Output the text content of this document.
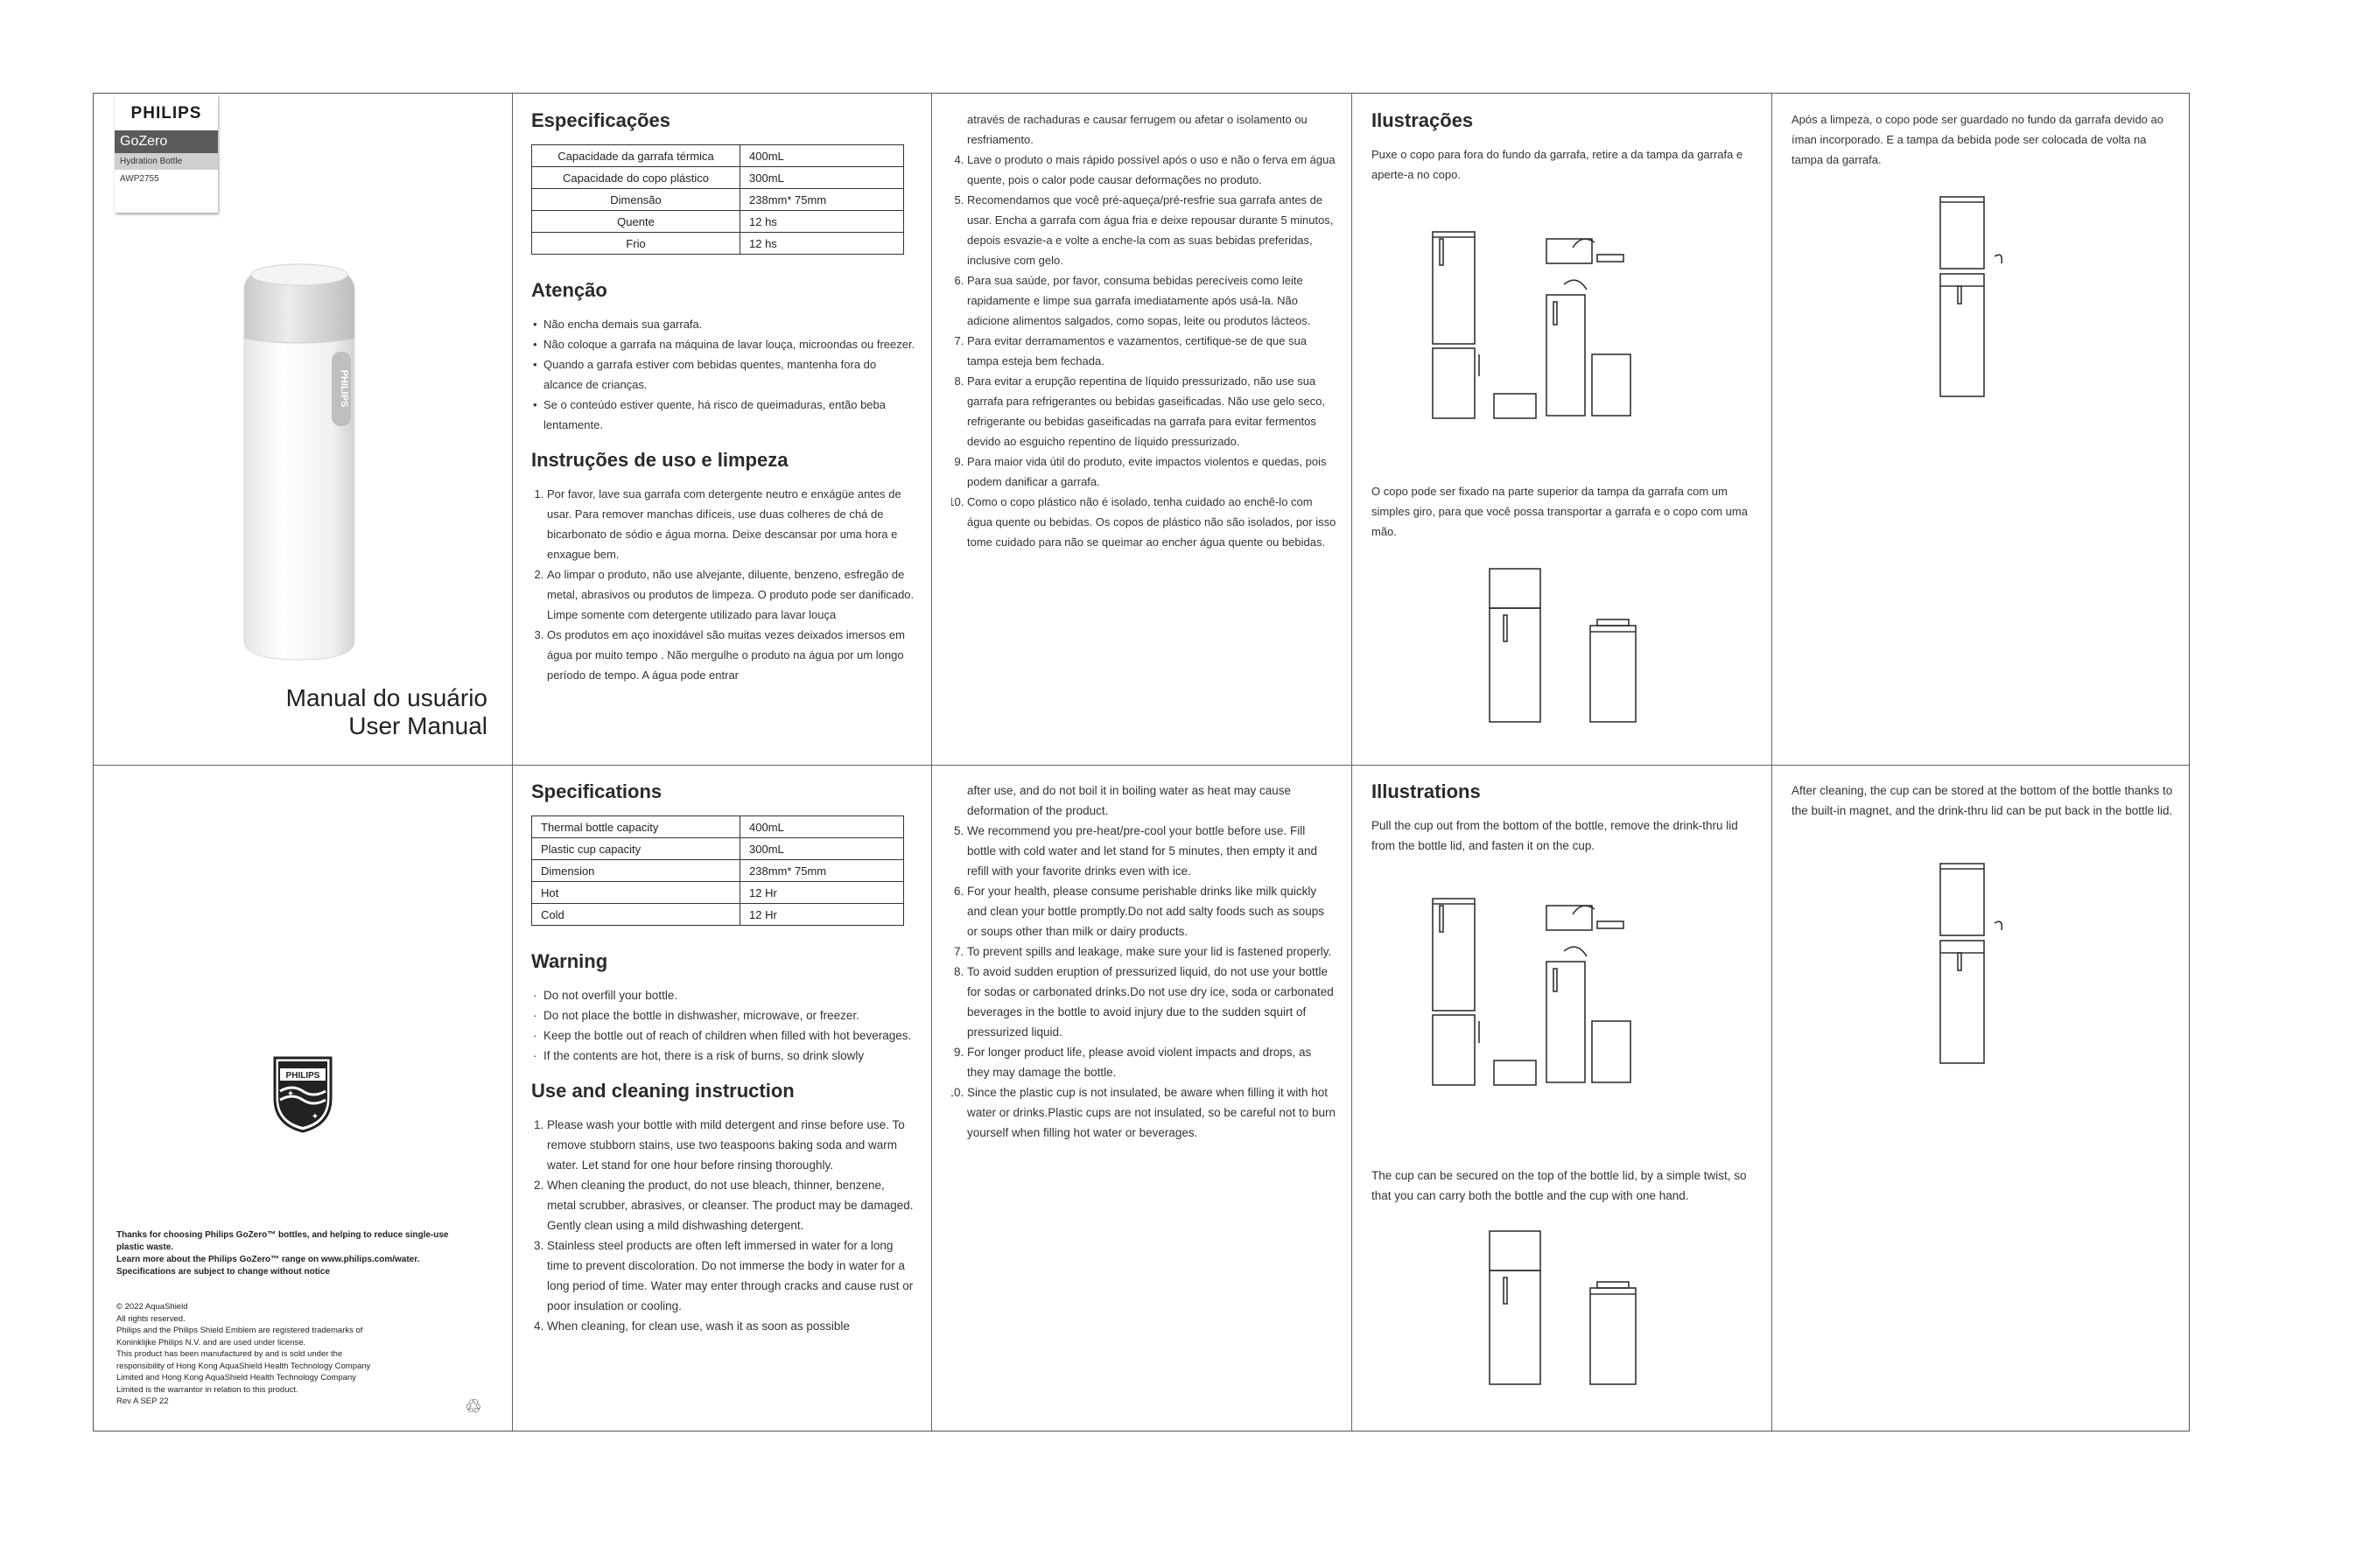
PHILIPS
GoZero
Hydration Bottle
AWP2755
PHILIPS
Manual do usuário
User Manual
Especificações
Capacidade da garrafa térmica	400mL
Capacidade do copo plástico	300mL
Dimensão	238mm* 75mm
Quente	12 hs
Frio	12 hs
Atenção
• Não encha demais sua garrafa.
• Não coloque a garrafa na máquina de lavar louça, microondas ou freezer.
• Quando a garrafa estiver com bebidas quentes, mantenha fora do alcance de crianças.
• Se o conteúdo estiver quente, há risco de queimaduras, então beba lentamente.
Instruções de uso e limpeza
1. Por favor, lave sua garrafa com detergente neutro e enxágüe antes de usar. Para remover manchas difíceis, use duas colheres de chá de bicarbonato de sódio e água morna. Deixe descansar por uma hora e enxague bem.
2. Ao limpar o produto, não use alvejante, diluente, benzeno, esfregão de metal, abrasivos ou produtos de limpeza. O produto pode ser danificado. Limpe somente com detergente utilizado para lavar louça
3. Os produtos em aço inoxidável são muitas vezes deixados imersos em água por muito tempo . Não mergulhe o produto na água por um longo período de tempo. A água pode entrar
através de rachaduras e causar ferrugem ou afetar o isolamento ou resfriamento.
4. Lave o produto o mais rápido possível após o uso e não o ferva em água quente, pois o calor pode causar deformações no produto.
5. Recomendamos que você pré-aqueça/pré-resfrie sua garrafa antes de usar. Encha a garrafa com água fria e deixe repousar durante 5 minutos, depois esvazie-a e volte a enche-la com as suas bebidas preferidas, inclusive com gelo.
6. Para sua saúde, por favor, consuma bebidas perecíveis como leite rapidamente e limpe sua garrafa imediatamente após usá-la. Não adicione alimentos salgados, como sopas, leite ou produtos lácteos.
7. Para evitar derramamentos e vazamentos, certifique-se de que sua tampa esteja bem fechada.
8. Para evitar a erupção repentina de líquido pressurizado, não use sua garrafa para refrigerantes ou bebidas gaseificadas. Não use gelo seco, refrigerante ou bebidas gaseificadas na garrafa para evitar fermentos devido ao esguicho repentino de líquido pressurizado.
9. Para maior vida útil do produto, evite impactos violentos e quedas, pois podem danificar a garrafa.
10. Como o copo plástico não é isolado, tenha cuidado ao enchê-lo com água quente ou bebidas. Os copos de plástico não são isolados, por isso tome cuidado para não se queimar ao encher água quente ou bebidas.
Ilustrações
Puxe o copo para fora do fundo da garrafa, retire a da tampa da garrafa e aperte-a no copo.
O copo pode ser fixado na parte superior da tampa da garrafa com um simples giro, para que você possa transportar a garrafa e o copo com uma mão.
Após a limpeza, o copo pode ser guardado no fundo da garrafa devido ao íman incorporado. E a tampa da bebida pode ser colocada de volta na tampa da garrafa.
PHILIPS
✦
✦
Thanks for choosing Philips GoZero™ bottles, and helping to reduce single-use
plastic waste.
Learn more about the Philips GoZero™ range on www.philips.com/water.
Specifications are subject to change without notice
© 2022 AquaShield
All rights reserved.
Philips and the Philips Shield Emblem are registered trademarks of
Koninklijke Philips N.V. and are used under license.
This product has been manufactured by and is sold under the
responsibility of Hong Kong AquaShield Health Technology Company
Limited and Hong Kong AquaShield Health Technology Company
Limited is the warrantor in relation to this product.
Rev A SEP 22	♲
Specifications
Thermal bottle capacity	400mL
Plastic cup capacity	300mL
Dimension	238mm* 75mm
Hot	12 Hr
Cold	12 Hr
Warning
· Do not overfill your bottle.
· Do not place the bottle in dishwasher, microwave, or freezer.
· Keep the bottle out of reach of children when filled with hot beverages.
· If the contents are hot, there is a risk of burns, so drink slowly
Use and cleaning instruction
1. Please wash your bottle with mild detergent and rinse before use. To remove stubborn stains, use two teaspoons baking soda and warm water. Let stand for one hour before rinsing thoroughly.
2. When cleaning the product, do not use bleach, thinner, benzene, metal scrubber, abrasives, or cleanser. The product may be damaged. Gently clean using a mild dishwashing detergent.
3. Stainless steel products are often left immersed in water for a long time to prevent discoloration. Do not immerse the body in water for a long period of time. Water may enter through cracks and cause rust or poor insulation or cooling.
4. When cleaning, for clean use, wash it as soon as possible
after use, and do not boil it in boiling water as heat may cause deformation of the product.
5. We recommend you pre-heat/pre-cool your bottle before use. Fill bottle with cold water and let stand for 5 minutes, then empty it and refill with your favorite drinks even with ice.
6. For your health, please consume perishable drinks like milk quickly and clean your bottle promptly.Do not add salty foods such as soups or soups other than milk or dairy products.
7. To prevent spills and leakage, make sure your lid is fastened properly.
8. To avoid sudden eruption of pressurized liquid, do not use your bottle for sodas or carbonated drinks.Do not use dry ice, soda or carbonated beverages in the bottle to avoid injury due to the sudden squirt of pressurized liquid.
9. For longer product life, please avoid violent impacts and drops, as they may damage the bottle.
10. Since the plastic cup is not insulated, be aware when filling it with hot water or drinks.Plastic cups are not insulated, so be careful not to burn yourself when filling hot water or beverages.
Illustrations
Pull the cup out from the bottom of the bottle, remove the drink-thru lid from the bottle lid, and fasten it on the cup.
The cup can be secured on the top of the bottle lid, by a simple twist, so that you can carry both the bottle and the cup with one hand.
After cleaning, the cup can be stored at the bottom of the bottle thanks to the built-in magnet, and the drink-thru lid can be put back in the bottle lid.
